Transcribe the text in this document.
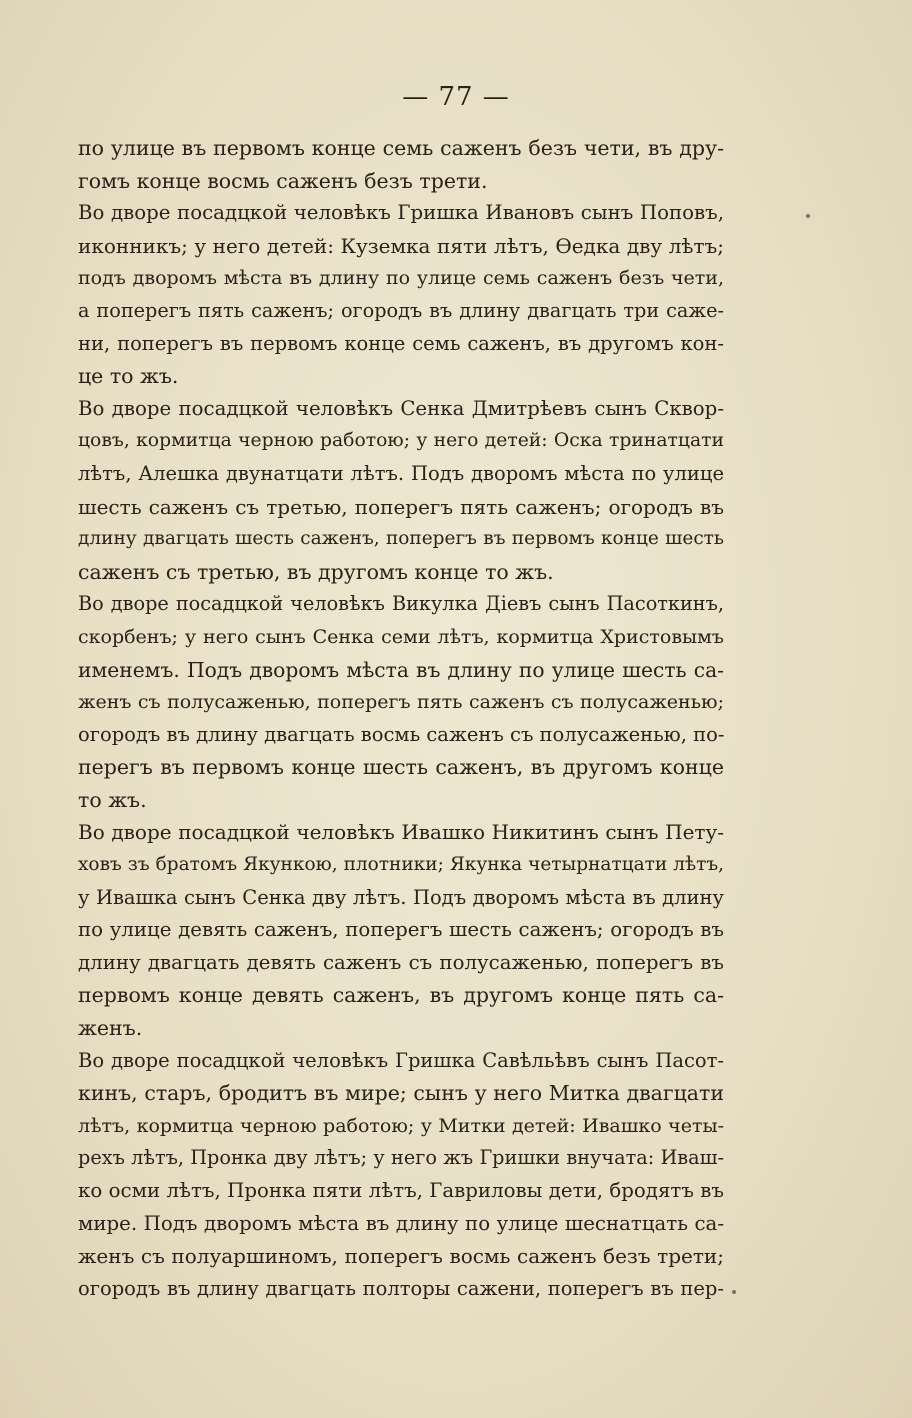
— 77 —
по улице въ первомъ конце семь саженъ безъ чети, въ дру-
гомъ конце восмь саженъ безъ трети.
Во дворе посадцкой человѣкъ Гришка Ивановъ сынъ Поповъ,
иконникъ; у него детей: Куземка пяти лѣтъ, Ѳедка дву лѣтъ;
подъ дворомъ мѣста въ длину по улице семь саженъ безъ чети,
а поперегъ пять саженъ; огородъ въ длину двагцать три саже-
ни, поперегъ въ первомъ конце семь саженъ, въ другомъ кон-
це то жъ.
Во дворе посадцкой человѣкъ Сенка Дмитрѣевъ сынъ Сквор-
цовъ, кормитца черною работою; у него детей: Оска тринатцати
лѣтъ, Алешка двунатцати лѣтъ. Подъ дворомъ мѣста по улице
шесть саженъ съ третью, поперегъ пять саженъ; огородъ въ
длину двагцать шесть саженъ, поперегъ въ первомъ конце шесть
саженъ съ третью, въ другомъ конце то жъ.
Во дворе посадцкой человѣкъ Викулка Діевъ сынъ Пасоткинъ,
скорбенъ; у него сынъ Сенка семи лѣтъ, кормитца Христовымъ
именемъ. Подъ дворомъ мѣста въ длину по улице шесть са-
женъ съ полусаженью, поперегъ пять саженъ съ полусаженью;
огородъ въ длину двагцать восмь саженъ съ полусаженью, по-
перегъ въ первомъ конце шесть саженъ, въ другомъ конце
то жъ.
Во дворе посадцкой человѣкъ Ивашко Никитинъ сынъ Пету-
ховъ зъ братомъ Якункою, плотники; Якунка четырнатцати лѣтъ,
у Ивашка сынъ Сенка дву лѣтъ. Подъ дворомъ мѣста въ длину
по улице девять саженъ, поперегъ шесть саженъ; огородъ въ
длину двагцать девять саженъ съ полусаженью, поперегъ въ
первомъ конце девять саженъ, въ другомъ конце пять са-
женъ.
Во дворе посадцкой человѣкъ Гришка Савѣльѣвъ сынъ Пасот-
кинъ, старъ, бродитъ въ мире; сынъ у него Митка двагцати
лѣтъ, кормитца черною работою; у Митки детей: Ивашко четы-
рехъ лѣтъ, Пронка дву лѣтъ; у него жъ Гришки внучата: Иваш-
ко осми лѣтъ, Пронка пяти лѣтъ, Гавриловы дети, бродятъ въ
мире. Подъ дворомъ мѣста въ длину по улице шеснатцать са-
женъ съ полуаршиномъ, поперегъ восмь саженъ безъ трети;
огородъ въ длину двагцать полторы сажени, поперегъ въ пер-
